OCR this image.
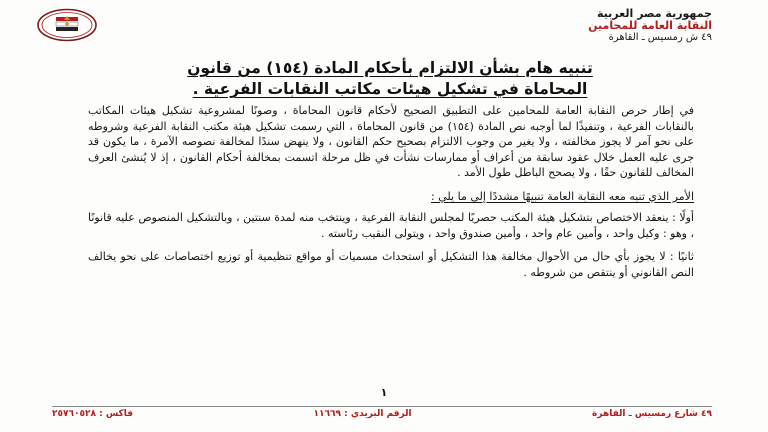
جمهورية مصر العربية
النقابة العامة للمحامين
٤٩ ش رمسيس ـ القاهرة
تنبيه هام بشأن الالتزام بأحكام المادة (١٥٤) من قانون
المحاماة في تشكيل هيئات مكاتب النقابات الفرعية .

في إطار حرص النقابة العامة للمحامين على التطبيق الصحيح لأحكام قانون المحاماة ، وصونًا لمشروعية تشكيل هيئات المكاتب بالنقابات الفرعية ، وتنفيذًا لما أوجبه نص المادة (١٥٤) من قانون المحاماة ، التي رسمت تشكيل هيئة مكتب النقابة الفرعية وشروطه على نحو آمر لا يجوز مخالفته ، ولا يغير من وجوب الالتزام بصحيح حكم القانون ، ولا ينهض سندًا لمخالفة نصوصه الآمرة ، ما يكون قد جرى عليه العمل خلال عقود سابقة من أعراف أو ممارسات نشأت في ظل مرحلة اتسمت بمخالفة أحكام القانون ، إذ لا يُنشئ العرف المخالف للقانون حقًا ، ولا يصحح الباطل طول الأمد .

الأمر الذي تنبه معه النقابة العامة تنبيهًا مشددًا إلى ما يلي :
أولًا : ينعقد الاختصاص بتشكيل هيئة المكتب حصريًا لمجلس النقابة الفرعية ، وينتخب منه لمدة سنتين ، وبالتشكيل المنصوص عليه قانونًا ، وهو : وكيل واحد ، وأمين عام واحد ، وأمين صندوق واحد ، ويتولى النقيب رئاسته .
ثانيًا : لا يجوز بأي حال من الأحوال مخالفة هذا التشكيل أو استحداث مسميات أو مواقع تنظيمية أو توزيع اختصاصات على نحو يخالف النص القانوني أو ينتقص من شروطه .
١
٤٩ شارع رمسيس ـ القاهرة
الرقم البريدي : ١١٦٦٩
فاكس : ٢٥٧٦٠٥٢٨
